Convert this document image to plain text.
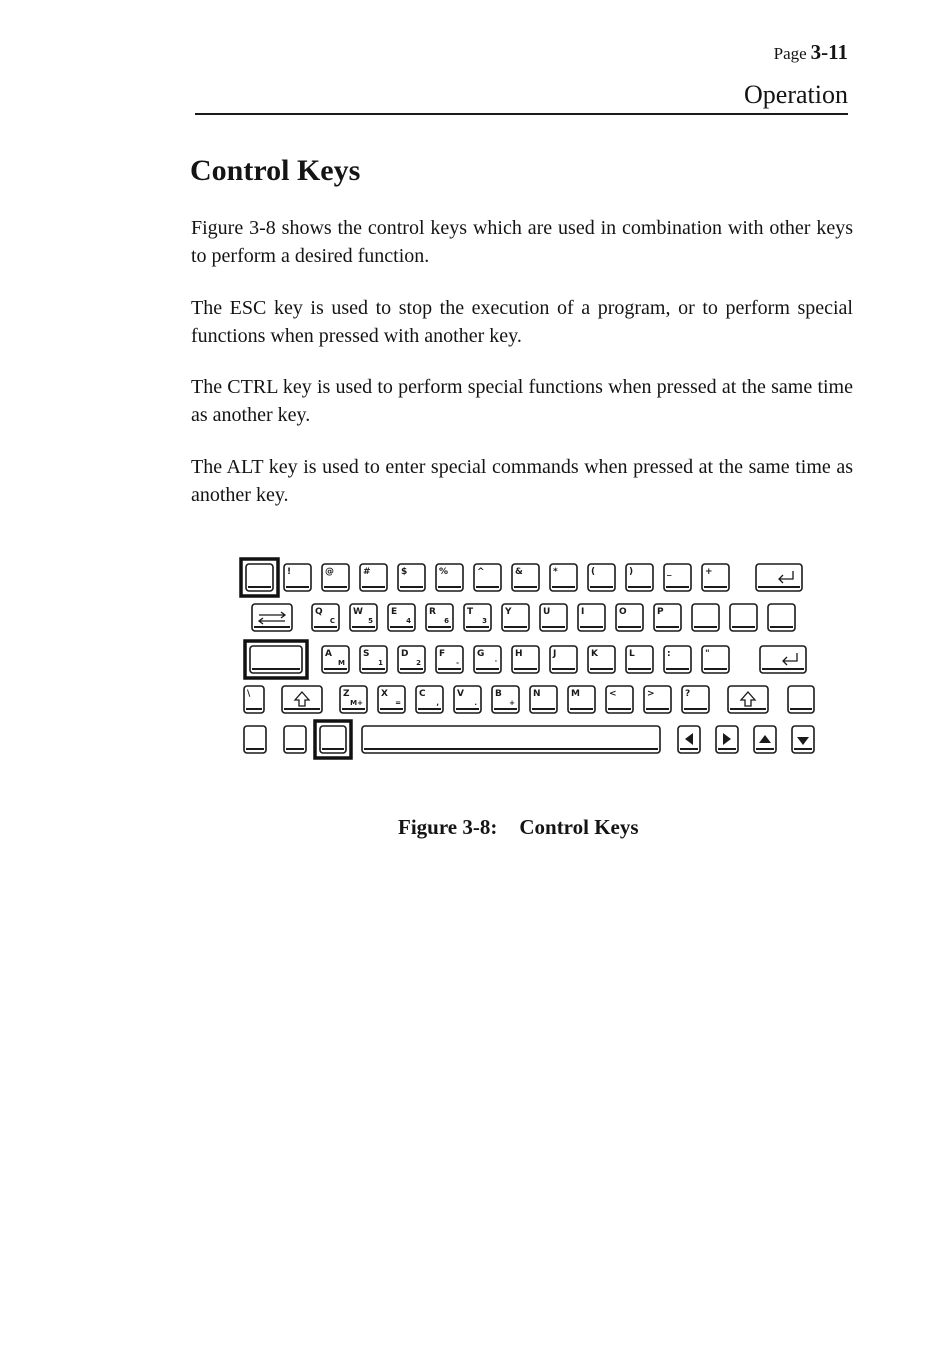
Page 3-11
Operation
Control Keys

Figure 3-8 shows the control keys which are used in combination with other keys to perform a desired function.

The ESC key is used to stop the execution of a program, or to perform special functions when pressed with another key.

The CTRL key is used to perform special functions when pressed at the same time as another key.

The ALT key is used to enter special commands when pressed at the same time as another key.

!	@	#	$	%	^	&	*	(	)	_	+
Q
C
W
5
E
4
R
6
T
3
Y	U	I	O	P
A
M
S
1
D
2
F
-
G
'
H	J	K	L	:	"
\	Z
M+
X
=
C
,
V
.
B
+
N	M	<	>	?
Figure 3-8: Control Keys
